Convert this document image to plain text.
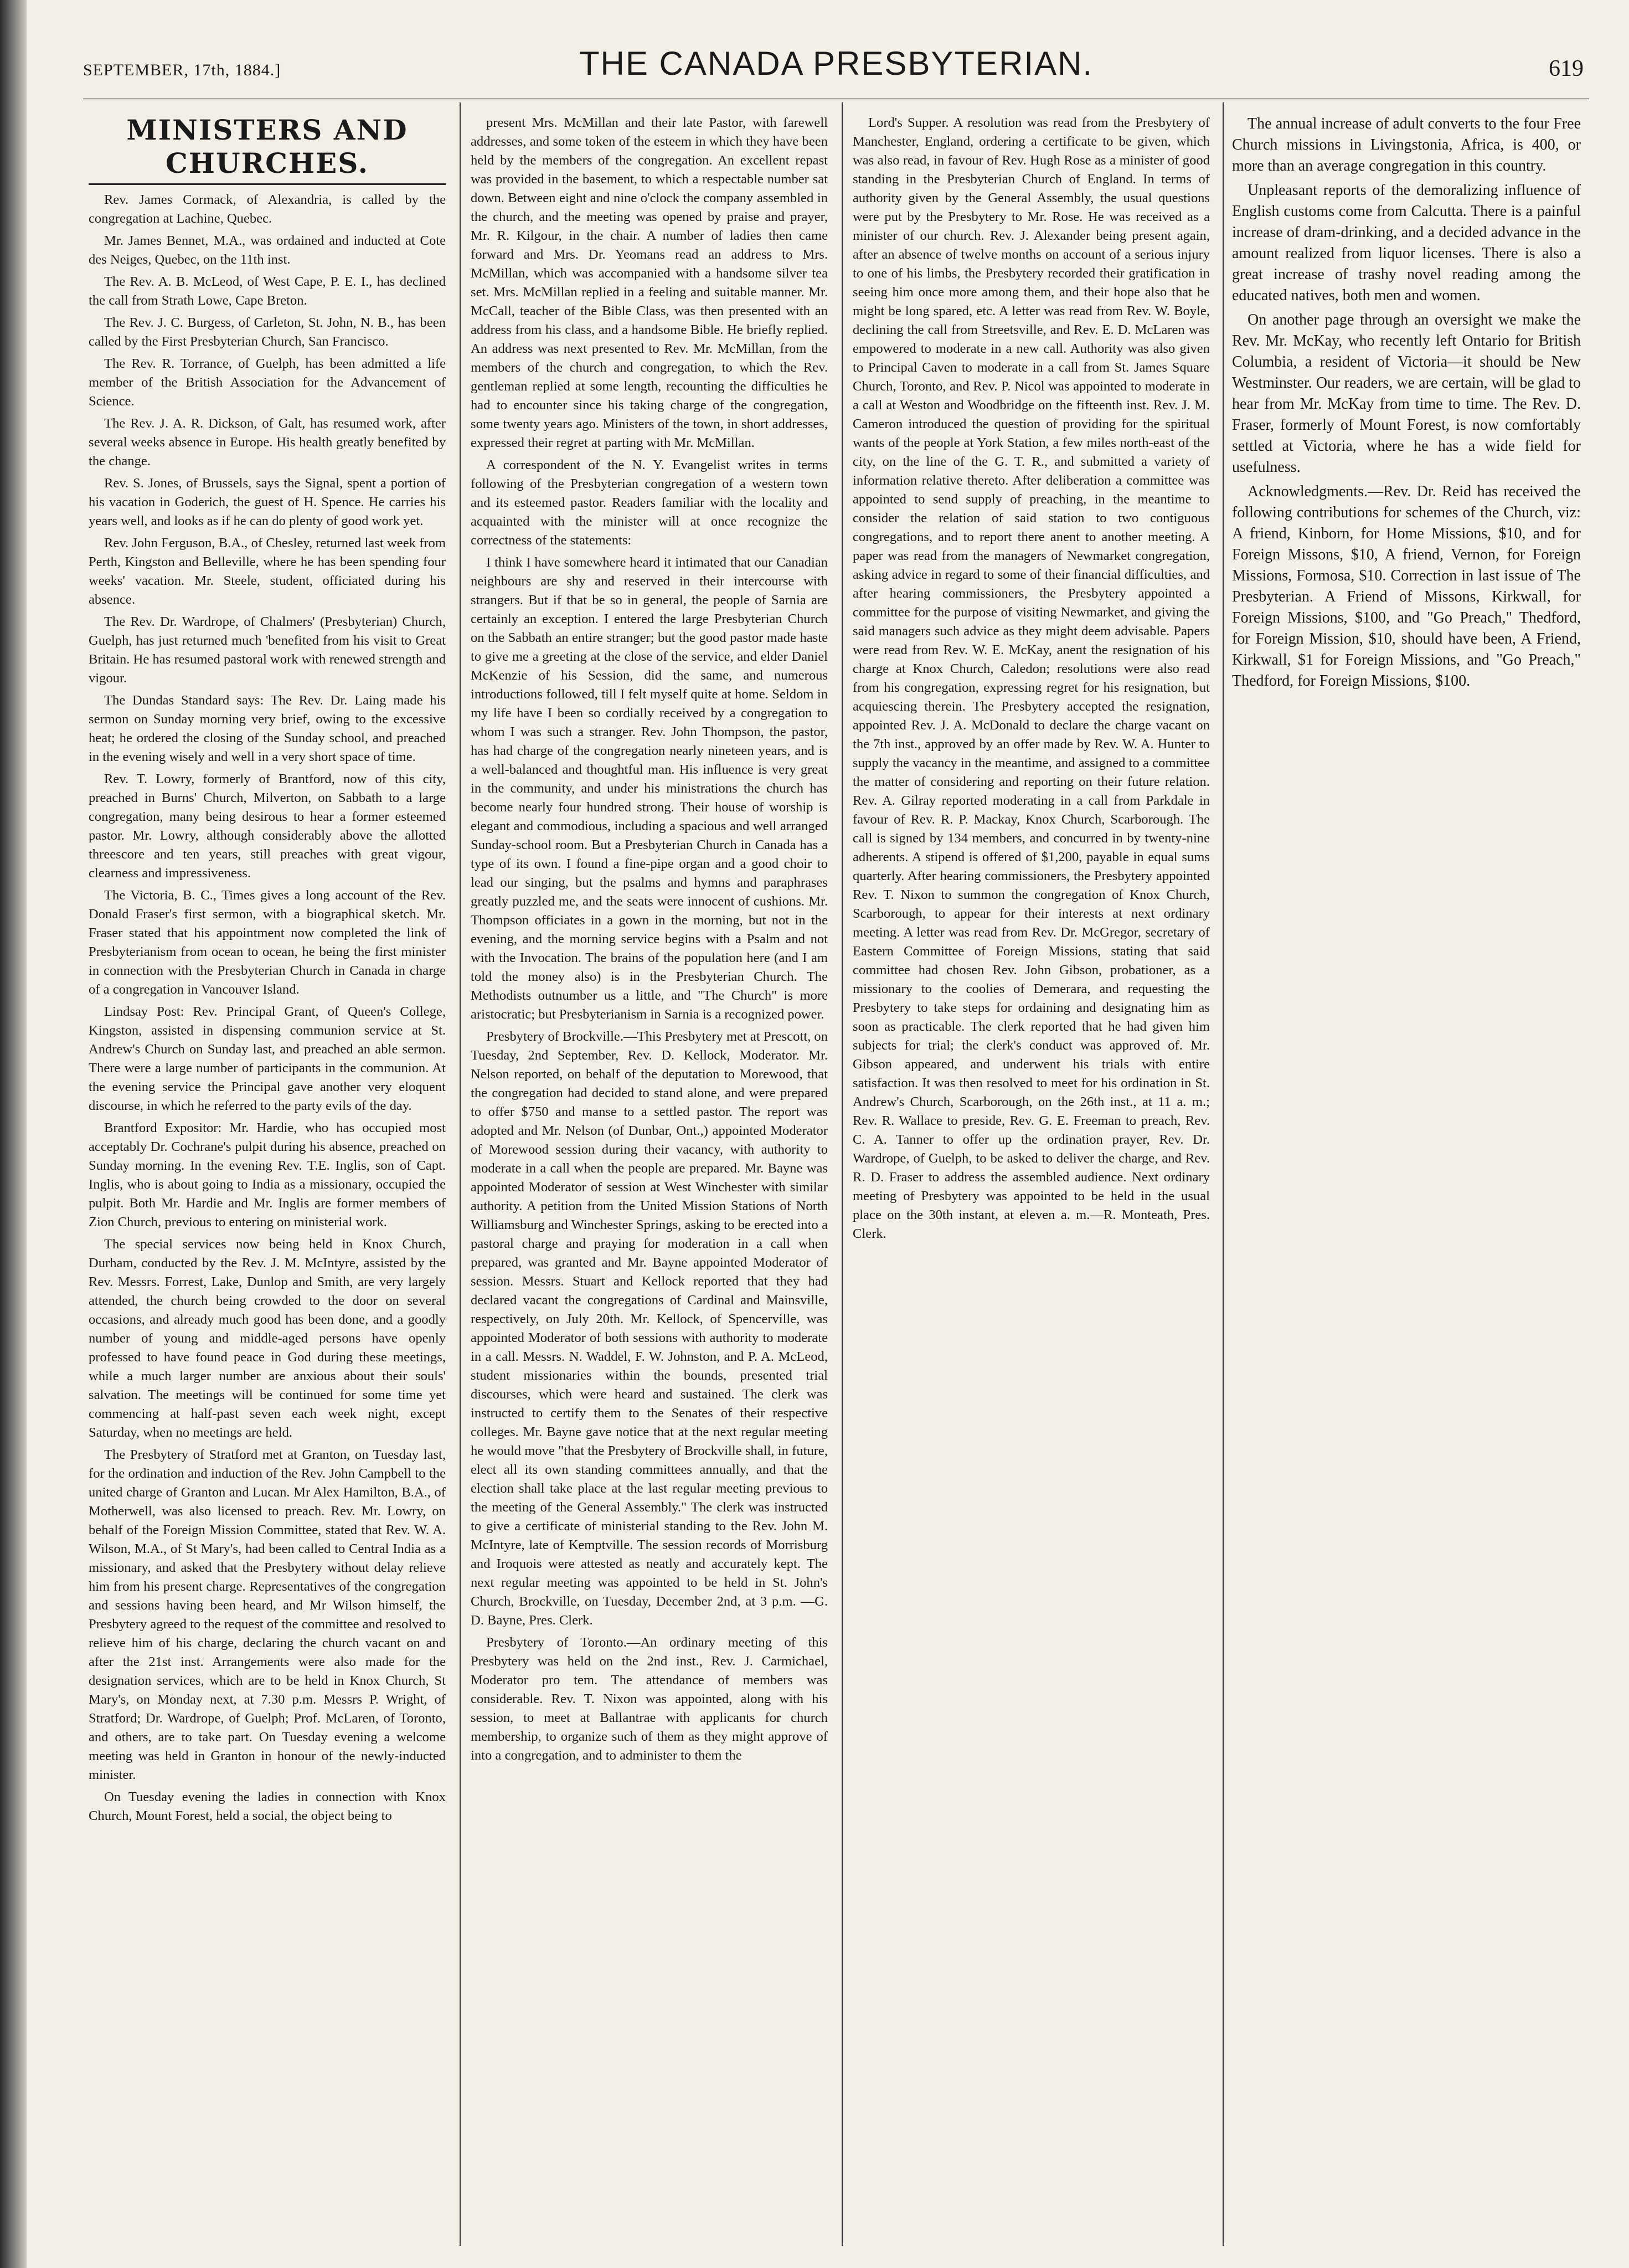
SEPTEMBER, 17th, 1884.]	THE CANADA PRESBYTERIAN.	619
MINISTERS AND CHURCHES.

Rev. James Cormack, of Alexandria, is called by the congregation at Lachine, Quebec.

Mr. James Bennet, M.A., was ordained and inducted at Cote des Neiges, Quebec, on the 11th inst.

The Rev. A. B. McLeod, of West Cape, P. E. I., has declined the call from Strath Lowe, Cape Breton.

The Rev. J. C. Burgess, of Carleton, St. John, N. B., has been called by the First Presbyterian Church, San Francisco.

The Rev. R. Torrance, of Guelph, has been admitted a life member of the British Association for the Advancement of Science.

The Rev. J. A. R. Dickson, of Galt, has resumed work, after several weeks absence in Europe. His health greatly benefited by the change.

Rev. S. Jones, of Brussels, says the Signal, spent a portion of his vacation in Goderich, the guest of H. Spence. He carries his years well, and looks as if he can do plenty of good work yet.

Rev. John Ferguson, B.A., of Chesley, returned last week from Perth, Kingston and Belleville, where he has been spending four weeks' vacation. Mr. Steele, student, officiated during his absence.

The Rev. Dr. Wardrope, of Chalmers' (Presbyterian) Church, Guelph, has just returned much 'benefited from his visit to Great Britain. He has resumed pastoral work with renewed strength and vigour.

The Dundas Standard says: The Rev. Dr. Laing made his sermon on Sunday morning very brief, owing to the excessive heat; he ordered the closing of the Sunday school, and preached in the evening wisely and well in a very short space of time.

Rev. T. Lowry, formerly of Brantford, now of this city, preached in Burns' Church, Milverton, on Sabbath to a large congregation, many being desirous to hear a former esteemed pastor. Mr. Lowry, although considerably above the allotted threescore and ten years, still preaches with great vigour, clearness and impressiveness.

The Victoria, B. C., Times gives a long account of the Rev. Donald Fraser's first sermon, with a biographical sketch. Mr. Fraser stated that his appointment now completed the link of Presbyterianism from ocean to ocean, he being the first minister in connection with the Presbyterian Church in Canada in charge of a congregation in Vancouver Island.

Lindsay Post: Rev. Principal Grant, of Queen's College, Kingston, assisted in dispensing communion service at St. Andrew's Church on Sunday last, and preached an able sermon. There were a large number of participants in the communion. At the evening service the Principal gave another very eloquent discourse, in which he referred to the party evils of the day.

Brantford Expositor: Mr. Hardie, who has occupied most acceptably Dr. Cochrane's pulpit during his absence, preached on Sunday morning. In the evening Rev. T.E. Inglis, son of Capt. Inglis, who is about going to India as a missionary, occupied the pulpit. Both Mr. Hardie and Mr. Inglis are former members of Zion Church, previous to entering on ministerial work.

The special services now being held in Knox Church, Durham, conducted by the Rev. J. M. McIntyre, assisted by the Rev. Messrs. Forrest, Lake, Dunlop and Smith, are very largely attended, the church being crowded to the door on several occasions, and already much good has been done, and a goodly number of young and middle-aged persons have openly professed to have found peace in God during these meetings, while a much larger number are anxious about their souls' salvation. The meetings will be continued for some time yet commencing at half-past seven each week night, except Saturday, when no meetings are held.

The Presbytery of Stratford met at Granton, on Tuesday last, for the ordination and induction of the Rev. John Campbell to the united charge of Granton and Lucan. Mr Alex Hamilton, B.A., of Motherwell, was also licensed to preach. Rev. Mr. Lowry, on behalf of the Foreign Mission Committee, stated that Rev. W. A. Wilson, M.A., of St Mary's, had been called to Central India as a missionary, and asked that the Presbytery without delay relieve him from his present charge. Representatives of the congregation and sessions having been heard, and Mr Wilson himself, the Presbytery agreed to the request of the committee and resolved to relieve him of his charge, declaring the church vacant on and after the 21st inst. Arrangements were also made for the designation services, which are to be held in Knox Church, St Mary's, on Monday next, at 7.30 p.m. Messrs P. Wright, of Stratford; Dr. Wardrope, of Guelph; Prof. McLaren, of Toronto, and others, are to take part. On Tuesday evening a welcome meeting was held in Granton in honour of the newly-inducted minister.

On Tuesday evening the ladies in connection with Knox Church, Mount Forest, held a social, the object being to

present Mrs. McMillan and their late Pastor, with farewell addresses, and some token of the esteem in which they have been held by the members of the congregation. An excellent repast was provided in the basement, to which a respectable number sat down. Between eight and nine o'clock the company assembled in the church, and the meeting was opened by praise and prayer, Mr. R. Kilgour, in the chair. A number of ladies then came forward and Mrs. Dr. Yeomans read an address to Mrs. McMillan, which was accompanied with a handsome silver tea set. Mrs. McMillan replied in a feeling and suitable manner. Mr. McCall, teacher of the Bible Class, was then presented with an address from his class, and a handsome Bible. He briefly replied. An address was next presented to Rev. Mr. McMillan, from the members of the church and congregation, to which the Rev. gentleman replied at some length, recounting the difficulties he had to encounter since his taking charge of the congregation, some twenty years ago. Ministers of the town, in short addresses, expressed their regret at parting with Mr. McMillan.

A correspondent of the N. Y. Evangelist writes in terms following of the Presbyterian congregation of a western town and its esteemed pastor. Readers familiar with the locality and acquainted with the minister will at once recognize the correctness of the statements:

I think I have somewhere heard it intimated that our Canadian neighbours are shy and reserved in their intercourse with strangers. But if that be so in general, the people of Sarnia are certainly an exception. I entered the large Presbyterian Church on the Sabbath an entire stranger; but the good pastor made haste to give me a greeting at the close of the service, and elder Daniel McKenzie of his Session, did the same, and numerous introductions followed, till I felt myself quite at home. Seldom in my life have I been so cordially received by a congregation to whom I was such a stranger. Rev. John Thompson, the pastor, has had charge of the congregation nearly nineteen years, and is a well-balanced and thoughtful man. His influence is very great in the community, and under his ministrations the church has become nearly four hundred strong. Their house of worship is elegant and commodious, including a spacious and well arranged Sunday-school room. But a Presbyterian Church in Canada has a type of its own. I found a fine-pipe organ and a good choir to lead our singing, but the psalms and hymns and paraphrases greatly puzzled me, and the seats were innocent of cushions. Mr. Thompson officiates in a gown in the morning, but not in the evening, and the morning service begins with a Psalm and not with the Invocation. The brains of the population here (and I am told the money also) is in the Presbyterian Church. The Methodists outnumber us a little, and "The Church" is more aristocratic; but Presbyterianism in Sarnia is a recognized power.

Presbytery of Brockville.—This Presbytery met at Prescott, on Tuesday, 2nd September, Rev. D. Kellock, Moderator. Mr. Nelson reported, on behalf of the deputation to Morewood, that the congregation had decided to stand alone, and were prepared to offer $750 and manse to a settled pastor. The report was adopted and Mr. Nelson (of Dunbar, Ont.,) appointed Moderator of Morewood session during their vacancy, with authority to moderate in a call when the people are prepared. Mr. Bayne was appointed Moderator of session at West Winchester with similar authority. A petition from the United Mission Stations of North Williamsburg and Winchester Springs, asking to be erected into a pastoral charge and praying for moderation in a call when prepared, was granted and Mr. Bayne appointed Moderator of session. Messrs. Stuart and Kellock reported that they had declared vacant the congregations of Cardinal and Mainsville, respectively, on July 20th. Mr. Kellock, of Spencerville, was appointed Moderator of both sessions with authority to moderate in a call. Messrs. N. Waddel, F. W. Johnston, and P. A. McLeod, student missionaries within the bounds, presented trial discourses, which were heard and sustained. The clerk was instructed to certify them to the Senates of their respective colleges. Mr. Bayne gave notice that at the next regular meeting he would move "that the Presbytery of Brockville shall, in future, elect all its own standing committees annually, and that the election shall take place at the last regular meeting previous to the meeting of the General Assembly." The clerk was instructed to give a certificate of ministerial standing to the Rev. John M. McIntyre, late of Kemptville. The session records of Morrisburg and Iroquois were attested as neatly and accurately kept. The next regular meeting was appointed to be held in St. John's Church, Brockville, on Tuesday, December 2nd, at 3 p.m. —G. D. Bayne, Pres. Clerk.

Presbytery of Toronto.—An ordinary meeting of this Presbytery was held on the 2nd inst., Rev. J. Carmichael, Moderator pro tem. The attendance of members was considerable. Rev. T. Nixon was appointed, along with his session, to meet at Ballantrae with applicants for church membership, to organize such of them as they might approve of into a congregation, and to administer to them the

Lord's Supper. A resolution was read from the Presbytery of Manchester, England, ordering a certificate to be given, which was also read, in favour of Rev. Hugh Rose as a minister of good standing in the Presbyterian Church of England. In terms of authority given by the General Assembly, the usual questions were put by the Presbytery to Mr. Rose. He was received as a minister of our church. Rev. J. Alexander being present again, after an absence of twelve months on account of a serious injury to one of his limbs, the Presbytery recorded their gratification in seeing him once more among them, and their hope also that he might be long spared, etc. A letter was read from Rev. W. Boyle, declining the call from Streetsville, and Rev. E. D. McLaren was empowered to moderate in a new call. Authority was also given to Principal Caven to moderate in a call from St. James Square Church, Toronto, and Rev. P. Nicol was appointed to moderate in a call at Weston and Woodbridge on the fifteenth inst. Rev. J. M. Cameron introduced the question of providing for the spiritual wants of the people at York Station, a few miles north-east of the city, on the line of the G. T. R., and submitted a variety of information relative thereto. After deliberation a committee was appointed to send supply of preaching, in the meantime to consider the relation of said station to two contiguous congregations, and to report there anent to another meeting. A paper was read from the managers of Newmarket congregation, asking advice in regard to some of their financial difficulties, and after hearing commissioners, the Presbytery appointed a committee for the purpose of visiting Newmarket, and giving the said managers such advice as they might deem advisable. Papers were read from Rev. W. E. McKay, anent the resignation of his charge at Knox Church, Caledon; resolutions were also read from his congregation, expressing regret for his resignation, but acquiescing therein. The Presbytery accepted the resignation, appointed Rev. J. A. McDonald to declare the charge vacant on the 7th inst., approved by an offer made by Rev. W. A. Hunter to supply the vacancy in the meantime, and assigned to a committee the matter of considering and reporting on their future relation. Rev. A. Gilray reported moderating in a call from Parkdale in favour of Rev. R. P. Mackay, Knox Church, Scarborough. The call is signed by 134 members, and concurred in by twenty-nine adherents. A stipend is offered of $1,200, payable in equal sums quarterly. After hearing commissioners, the Presbytery appointed Rev. T. Nixon to summon the congregation of Knox Church, Scarborough, to appear for their interests at next ordinary meeting. A letter was read from Rev. Dr. McGregor, secretary of Eastern Committee of Foreign Missions, stating that said committee had chosen Rev. John Gibson, probationer, as a missionary to the coolies of Demerara, and requesting the Presbytery to take steps for ordaining and designating him as soon as practicable. The clerk reported that he had given him subjects for trial; the clerk's conduct was approved of. Mr. Gibson appeared, and underwent his trials with entire satisfaction. It was then resolved to meet for his ordination in St. Andrew's Church, Scarborough, on the 26th inst., at 11 a. m.; Rev. R. Wallace to preside, Rev. G. E. Freeman to preach, Rev. C. A. Tanner to offer up the ordination prayer, Rev. Dr. Wardrope, of Guelph, to be asked to deliver the charge, and Rev. R. D. Fraser to address the assembled audience. Next ordinary meeting of Presbytery was appointed to be held in the usual place on the 30th instant, at eleven a. m.—R. Monteath, Pres. Clerk.

The annual increase of adult converts to the four Free Church missions in Livingstonia, Africa, is 400, or more than an average congregation in this country.

Unpleasant reports of the demoralizing influence of English customs come from Calcutta. There is a painful increase of dram-drinking, and a decided advance in the amount realized from liquor licenses. There is also a great increase of trashy novel reading among the educated natives, both men and women.

On another page through an oversight we make the Rev. Mr. McKay, who recently left Ontario for British Columbia, a resident of Victoria—it should be New Westminster. Our readers, we are certain, will be glad to hear from Mr. McKay from time to time. The Rev. D. Fraser, formerly of Mount Forest, is now comfortably settled at Victoria, where he has a wide field for usefulness.

Acknowledgments.—Rev. Dr. Reid has received the following contributions for schemes of the Church, viz: A friend, Kinborn, for Home Missions, $10, and for Foreign Missons, $10, A friend, Vernon, for Foreign Missions, Formosa, $10. Correction in last issue of The Presbyterian. A Friend of Missons, Kirkwall, for Foreign Missions, $100, and "Go Preach," Thedford, for Foreign Mission, $10, should have been, A Friend, Kirkwall, $1 for Foreign Missions, and "Go Preach," Thedford, for Foreign Missions, $100.
